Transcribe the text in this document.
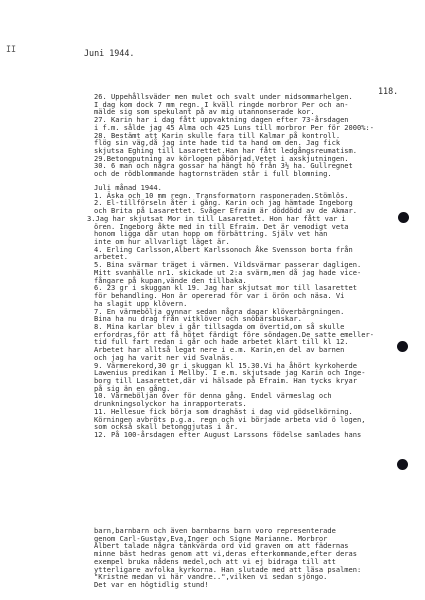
II	Juni 1944.
118.
26. Uppehållsväder men mulet och svalt under midsommarhelgen.
I dag kom dock 7 mm regn. I kväll ringde morbror Per och an-
mälde sig som spekulant på av mig utannonserade kor.
27. Karin har i dag fått uppvaktning dagen efter 73-årsdagen
i f.m. sålde jag 45 Alma och 425 Luns till morbror Per för 2000%:-
28. Bestämt att Karin skulle fara till Kalmar på kontroll.
flög sin väg,då jag inte hade tid ta hand om den. Jag fick
skjutsa Eghing till Lasarettet.Han har fått ledgångsreumatism.
29.Betongputning av körlogen påbörjad.Vetet i axskjutningen.
30. 6 man och några gossar ha hängt hö från 3½ ha. Gullregnet
och de rödblommande hagtornsträden står i full blomning.
Juli månad 1944.
1. Äska och 10 mm regn. Transformatorn rasponeraden.Stömlös.
2. El-tillförseln åter i gång. Karin och jag hämtade Ingeborg
och Brita på Lasarettet. Svåger Efraim är döddödd av de Akmar.
3.Jag har skjutsat Mor in till Lasarettet. Hon har fått var i
ören. Ingeborg åkte med in till Efraim. Det är vemodigt veta
honom ligga där utan hopp om förbättring. Själv vet han
inte om hur allvarligt läget är.
4. Erling Carlsson,Albert Karlssonoch Åke Svensson borta från
arbetet.
5. Bina svärmar träget i värmen. Vildsvärmar passerar dagligen.
Mitt svanhälle nr1. skickade ut 2:a svärm,men då jag hade vice-
fångare på kupan,vände den tillbaka.
6. 23 gr i skuggan kl 19. Jag har skjutsat mor till lasarettet
för behandling. Hon är opererad för var i örön och näsa. Vi
ha slagit upp klövern.
7. En värmebölja gynnar sedan några dagar klöverbärgningen.
Bina ha nu drag från vitklöver och snöbärsbuskar.
8. Mina karlar blev i går tillsagda om övertid,om så skulle
erfordras,för att få hötet färdigt före söndagen.De satte emeller-
tid full fart redan i går och hade arbetet klart till kl 12.
Arbetet har alltså legat nere i e.m. Karin,en del av barnen
och jag ha varit ner vid Svalnäs.
9. Värmerekord,30 gr i skuggan kl 15.30.Vi ha åhört kyrkoherde
Lawenius predikan i Mellby. I e.m. skjutsade jag Karin och Inge-
borg till Lasarettet,där vi hälsade på Efraim. Han tycks kryar
på sig än en gång.
10. Värmeböljan över för denna gång. Endel värmeslag och
drunkningsolyckor ha inrapporterats.
11. Hellesue fick börja som draghäst i dag vid gödselkörning.
Körningen avbröts p.g.a. regn och vi började arbeta vid ö logen,
som också skall betonggjutas i år.
12. På 100-årsdagen efter August Larssons födelse samlades hans
barn,barnbarn och även barnbarns barn voro representerade
genom Carl-Gustav,Eva,Inger och Signe Marianne. Morbror
Albert talade några tänkvärda ord vid graven om att fädernas
minne bäst hedras genom att vi,deras efterkommande,efter deras
exempel bruka nådens medel,och att vi ej bidraga till att
ytterligare avfolka kyrkorna. Han slutade med att läsa psalmen:
"Kristne medan vi här vandre..",vilken vi sedan sjöngo.
Det var en högtidlig stund!
